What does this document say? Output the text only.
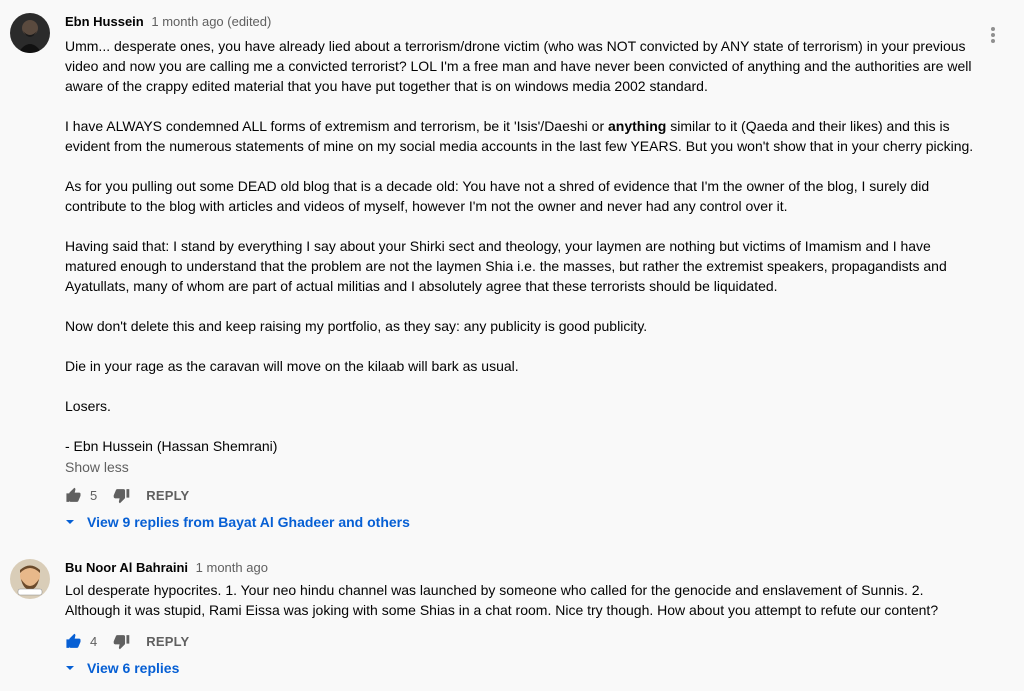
Ebn Hussein 1 month ago (edited)

Umm... desperate ones, you have already lied about a terrorism/drone victim (who was NOT convicted by ANY state of terrorism) in your previous video and now you are calling me a convicted terrorist? LOL I'm a free man and have never been convicted of anything and the authorities are well aware of the crappy edited material that you have put together that is on windows media 2002 standard.

I have ALWAYS condemned ALL forms of extremism and terrorism, be it 'Isis'/Daeshi or anything similar to it (Qaeda and their likes) and this is evident from the numerous statements of mine on my social media accounts in the last few YEARS. But you won't show that in your cherry picking.

As for you pulling out some DEAD old blog that is a decade old: You have not a shred of evidence that I'm the owner of the blog, I surely did contribute to the blog with articles and videos of myself, however I'm not the owner and never had any control over it.

Having said that: I stand by everything I say about your Shirki sect and theology, your laymen are nothing but victims of Imamism and I have matured enough to understand that the problem are not the laymen Shia i.e. the masses, but rather the extremist speakers, propagandists and Ayatullats, many of whom are part of actual militias and I absolutely agree that these terrorists should be liquidated.

Now don't delete this and keep raising my portfolio, as they say: any publicity is good publicity.

Die in your rage as the caravan will move on the kilaab will bark as usual.

Losers.

- Ebn Hussein (Hassan Shemrani)

Show less
5	REPLY
View 9 replies from Bayat Al Ghadeer and others
Bu Noor Al Bahraini 1 month ago

Lol desperate hypocrites. 1. Your neo hindu channel was launched by someone who called for the genocide and enslavement of Sunnis. 2. Although it was stupid, Rami Eissa was joking with some Shias in a chat room. Nice try though. How about you attempt to refute our content?

4	REPLY
View 6 replies
